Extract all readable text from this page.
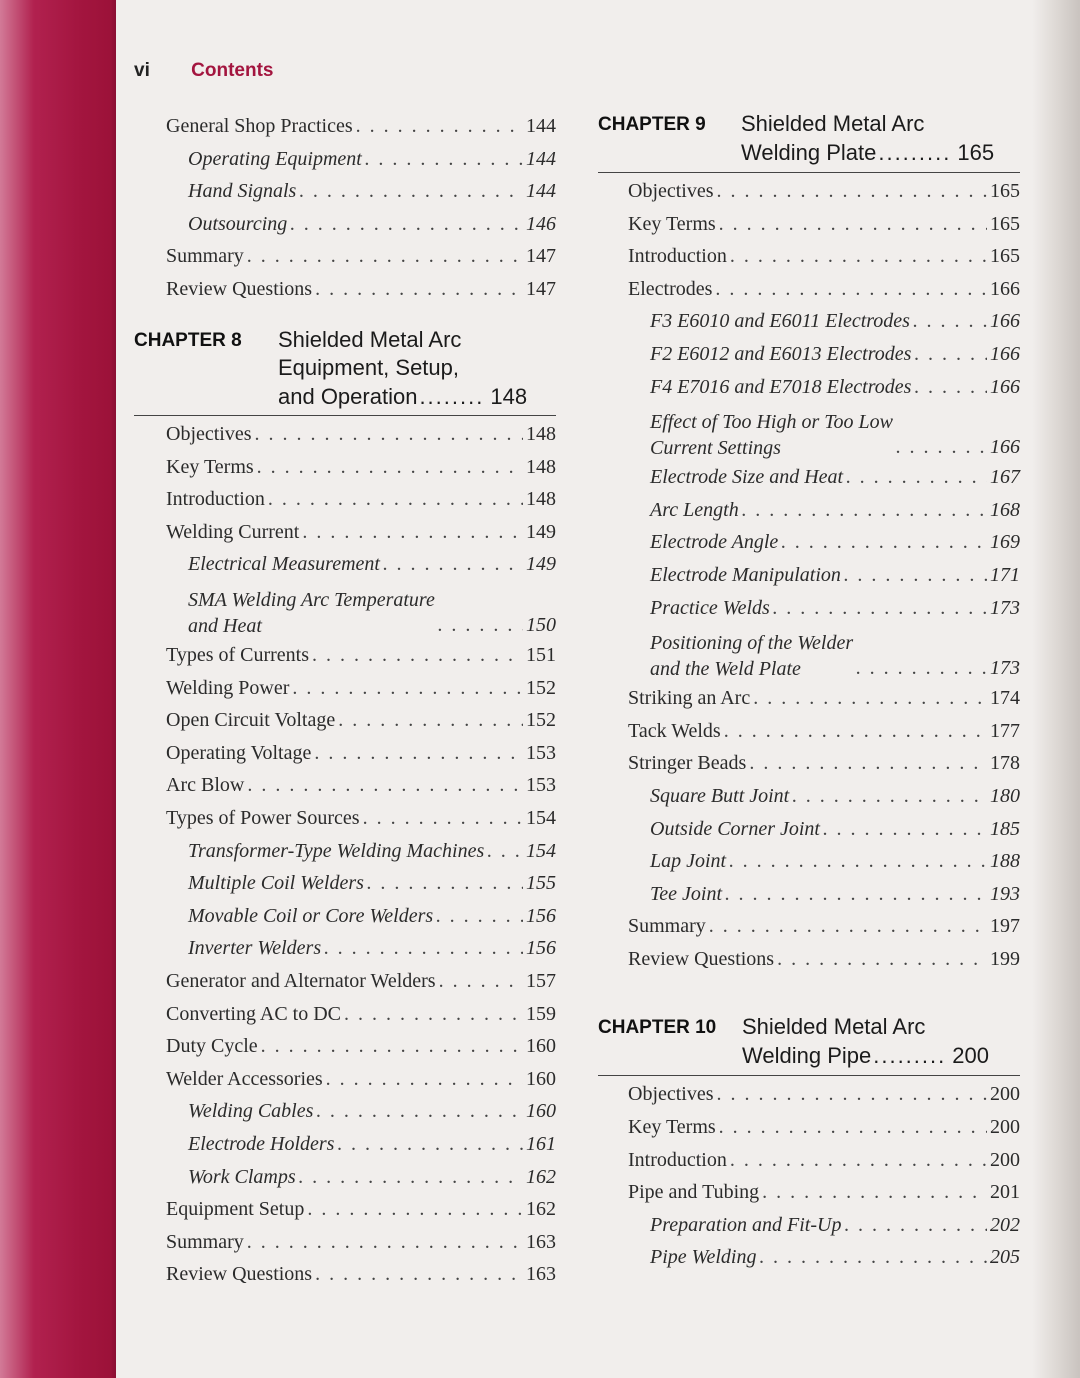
vi Contents
General Shop Practices . . .	144
Operating Equipment . . .	144
Hand Signals . . .	144
Outsourcing . . .	146
Summary . . .	147
Review Questions . . .	147
CHAPTER 8 Shielded Metal Arc
Equipment, Setup,
and Operation ........ 148
Objectives . . .	148
Key Terms . . .	148
Introduction . . .	148
Welding Current . . .	149
Electrical Measurement . . .	149
SMA Welding Arc Temperature
and Heat . . .	150
Types of Currents . . .	151
Welding Power . . .	152
Open Circuit Voltage . . .	152
Operating Voltage . . .	153
Arc Blow . . .	153
Types of Power Sources . . .	154
Transformer-Type Welding Machines . . . 154
Multiple Coil Welders . . .	155
Movable Coil or Core Welders . . .	156
Inverter Welders . . .	156
Generator and Alternator Welders . . .	157
Converting AC to DC . . .	159
Duty Cycle . . .	160
Welder Accessories . . .	160
Welding Cables . . .	160
Electrode Holders . . .	161
Work Clamps . . .	162
Equipment Setup . . .	162
Summary . . .	163
Review Questions . . .	163
CHAPTER 9 Shielded Metal Arc
Welding Plate ......... 165
Objectives . . .	165
Key Terms . . .	165
Introduction . . .	165
Electrodes . . .	166
F3 E6010 and E6011 Electrodes . . .	166
F2 E6012 and E6013 Electrodes . . .	166
F4 E7016 and E7018 Electrodes . . .	166
Effect of Too High or Too Low
Current Settings . . .	166
Electrode Size and Heat . . .	167
Arc Length . . .	168
Electrode Angle . . .	169
Electrode Manipulation . . .	171
Practice Welds . . .	173
Positioning of the Welder
and the Weld Plate . . .	173
Striking an Arc . . .	174
Tack Welds . . .	177
Stringer Beads . . .	178
Square Butt Joint . . .	180
Outside Corner Joint . . .	185
Lap Joint . . .	188
Tee Joint . . .	193
Summary . . .	197
Review Questions . . .	199
CHAPTER 10 Shielded Metal Arc
Welding Pipe ......... 200
Objectives . . .	200
Key Terms . . .	200
Introduction . . .	200
Pipe and Tubing . . .	201
Preparation and Fit-Up . . .	202
Pipe Welding . . .	205
